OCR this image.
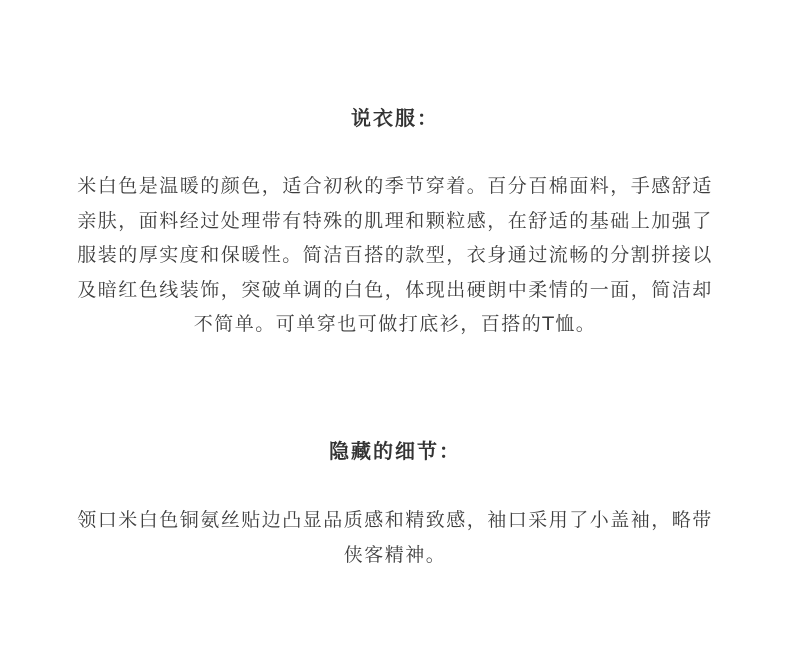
说衣服：
米白色是温暖的颜色，适合初秋的季节穿着。百分百棉面料，手感舒适亲肤，面料经过处理带有特殊的肌理和颗粒感，在舒适的基础上加强了服装的厚实度和保暖性。简洁百搭的款型，衣身通过流畅的分割拼接以及暗红色线装饰，突破单调的白色，体现出硬朗中柔情的一面，简洁却不简单。可单穿也可做打底衫，百搭的T恤。
隐藏的细节：
领口米白色铜氨丝贴边凸显品质感和精致感，袖口采用了小盖袖，略带侠客精神。
